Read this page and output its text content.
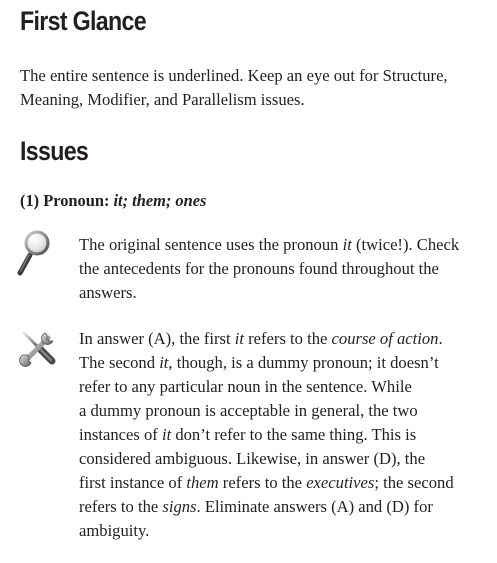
First Glance
The entire sentence is underlined. Keep an eye out for Structure, Meaning, Modifier, and Parallelism issues.
Issues
(1) Pronoun: it; them; ones
The original sentence uses the pronoun it (twice!). Check
the antecedents for the pronouns found throughout the
answers.
In answer (A), the first it refers to the course of action.
The second it, though, is a dummy pronoun; it doesn’t
refer to any particular noun in the sentence. While
a dummy pronoun is acceptable in general, the two
instances of it don’t refer to the same thing. This is
considered ambiguous. Likewise, in answer (D), the
first instance of them refers to the executives; the second
refers to the signs. Eliminate answers (A) and (D) for
ambiguity.
